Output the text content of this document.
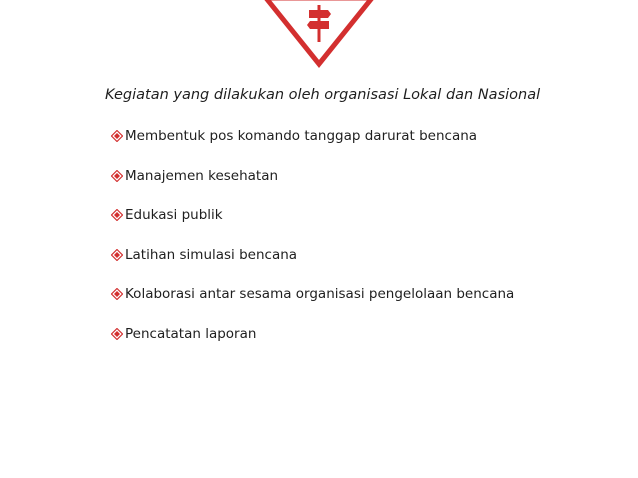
Kegiatan yang dilakukan oleh organisasi Lokal dan Nasional
Membentuk pos komando tanggap darurat bencana
Manajemen kesehatan
Edukasi publik
Latihan simulasi bencana
Kolaborasi antar sesama organisasi pengelolaan bencana
Pencatatan laporan
